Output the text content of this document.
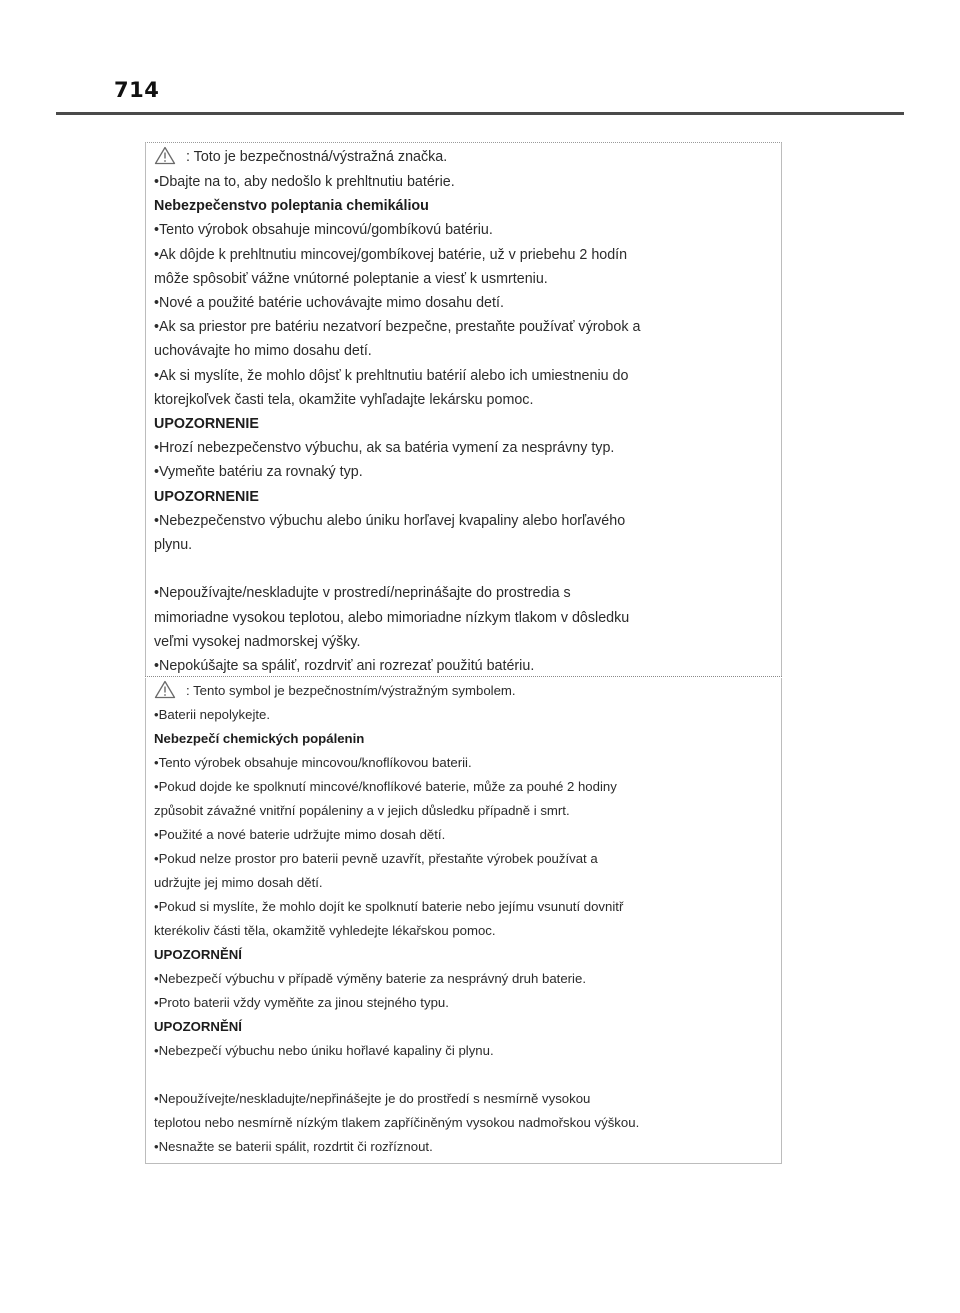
714
: Toto je bezpečnostná/výstražná značka.
•Dbajte na to, aby nedošlo k prehltnutiu batérie.
Nebezpečenstvo poleptania chemikáliou
•Tento výrobok obsahuje mincovú/gombíkovú batériu.
•Ak dôjde k prehltnutiu mincovej/gombíkovej batérie, už v priebehu 2 hodín
môže spôsobiť vážne vnútorné poleptanie a viesť k usmrteniu.
•Nové a použité batérie uchovávajte mimo dosahu detí.
•Ak sa priestor pre batériu nezatvorí bezpečne, prestaňte používať výrobok a
uchovávajte ho mimo dosahu detí.
•Ak si myslíte, že mohlo dôjsť k prehltnutiu batérií alebo ich umiestneniu do
ktorejkoľvek časti tela, okamžite vyhľadajte lekársku pomoc.
UPOZORNENIE
•Hrozí nebezpečenstvo výbuchu, ak sa batéria vymení za nesprávny typ.
•Vymeňte batériu za rovnaký typ.
UPOZORNENIE
•Nebezpečenstvo výbuchu alebo úniku horľavej kvapaliny alebo horľavého
plynu.
•Nepoužívajte/neskladujte v prostredí/neprinášajte do prostredia s
mimoriadne vysokou teplotou, alebo mimoriadne nízkym tlakom v dôsledku
veľmi vysokej nadmorskej výšky.
•Nepokúšajte sa spáliť, rozdrviť ani rozrezať použitú batériu.
: Tento symbol je bezpečnostním/výstražným symbolem.
•Baterii nepolykejte.
Nebezpečí chemických popálenin
•Tento výrobek obsahuje mincovou/knoflíkovou baterii.
•Pokud dojde ke spolknutí mincové/knoflíkové baterie, může za pouhé 2 hodiny
způsobit závažné vnitřní popáleniny a v jejich důsledku případně i smrt.
•Použité a nové baterie udržujte mimo dosah dětí.
•Pokud nelze prostor pro baterii pevně uzavřít, přestaňte výrobek používat a
udržujte jej mimo dosah dětí.
•Pokud si myslíte, že mohlo dojít ke spolknutí baterie nebo jejímu vsunutí dovnitř
kterékoliv části těla, okamžitě vyhledejte lékařskou pomoc.
UPOZORNĚNÍ
•Nebezpečí výbuchu v případě výměny baterie za nesprávný druh baterie.
•Proto baterii vždy vyměňte za jinou stejného typu.
UPOZORNĚNÍ
•Nebezpečí výbuchu nebo úniku hořlavé kapaliny či plynu.
•Nepoužívejte/neskladujte/nepřinášejte je do prostředí s nesmírně vysokou
teplotou nebo nesmírně nízkým tlakem zapříčiněným vysokou nadmořskou výškou.
•Nesnažte se baterii spálit, rozdrtit či rozříznout.
